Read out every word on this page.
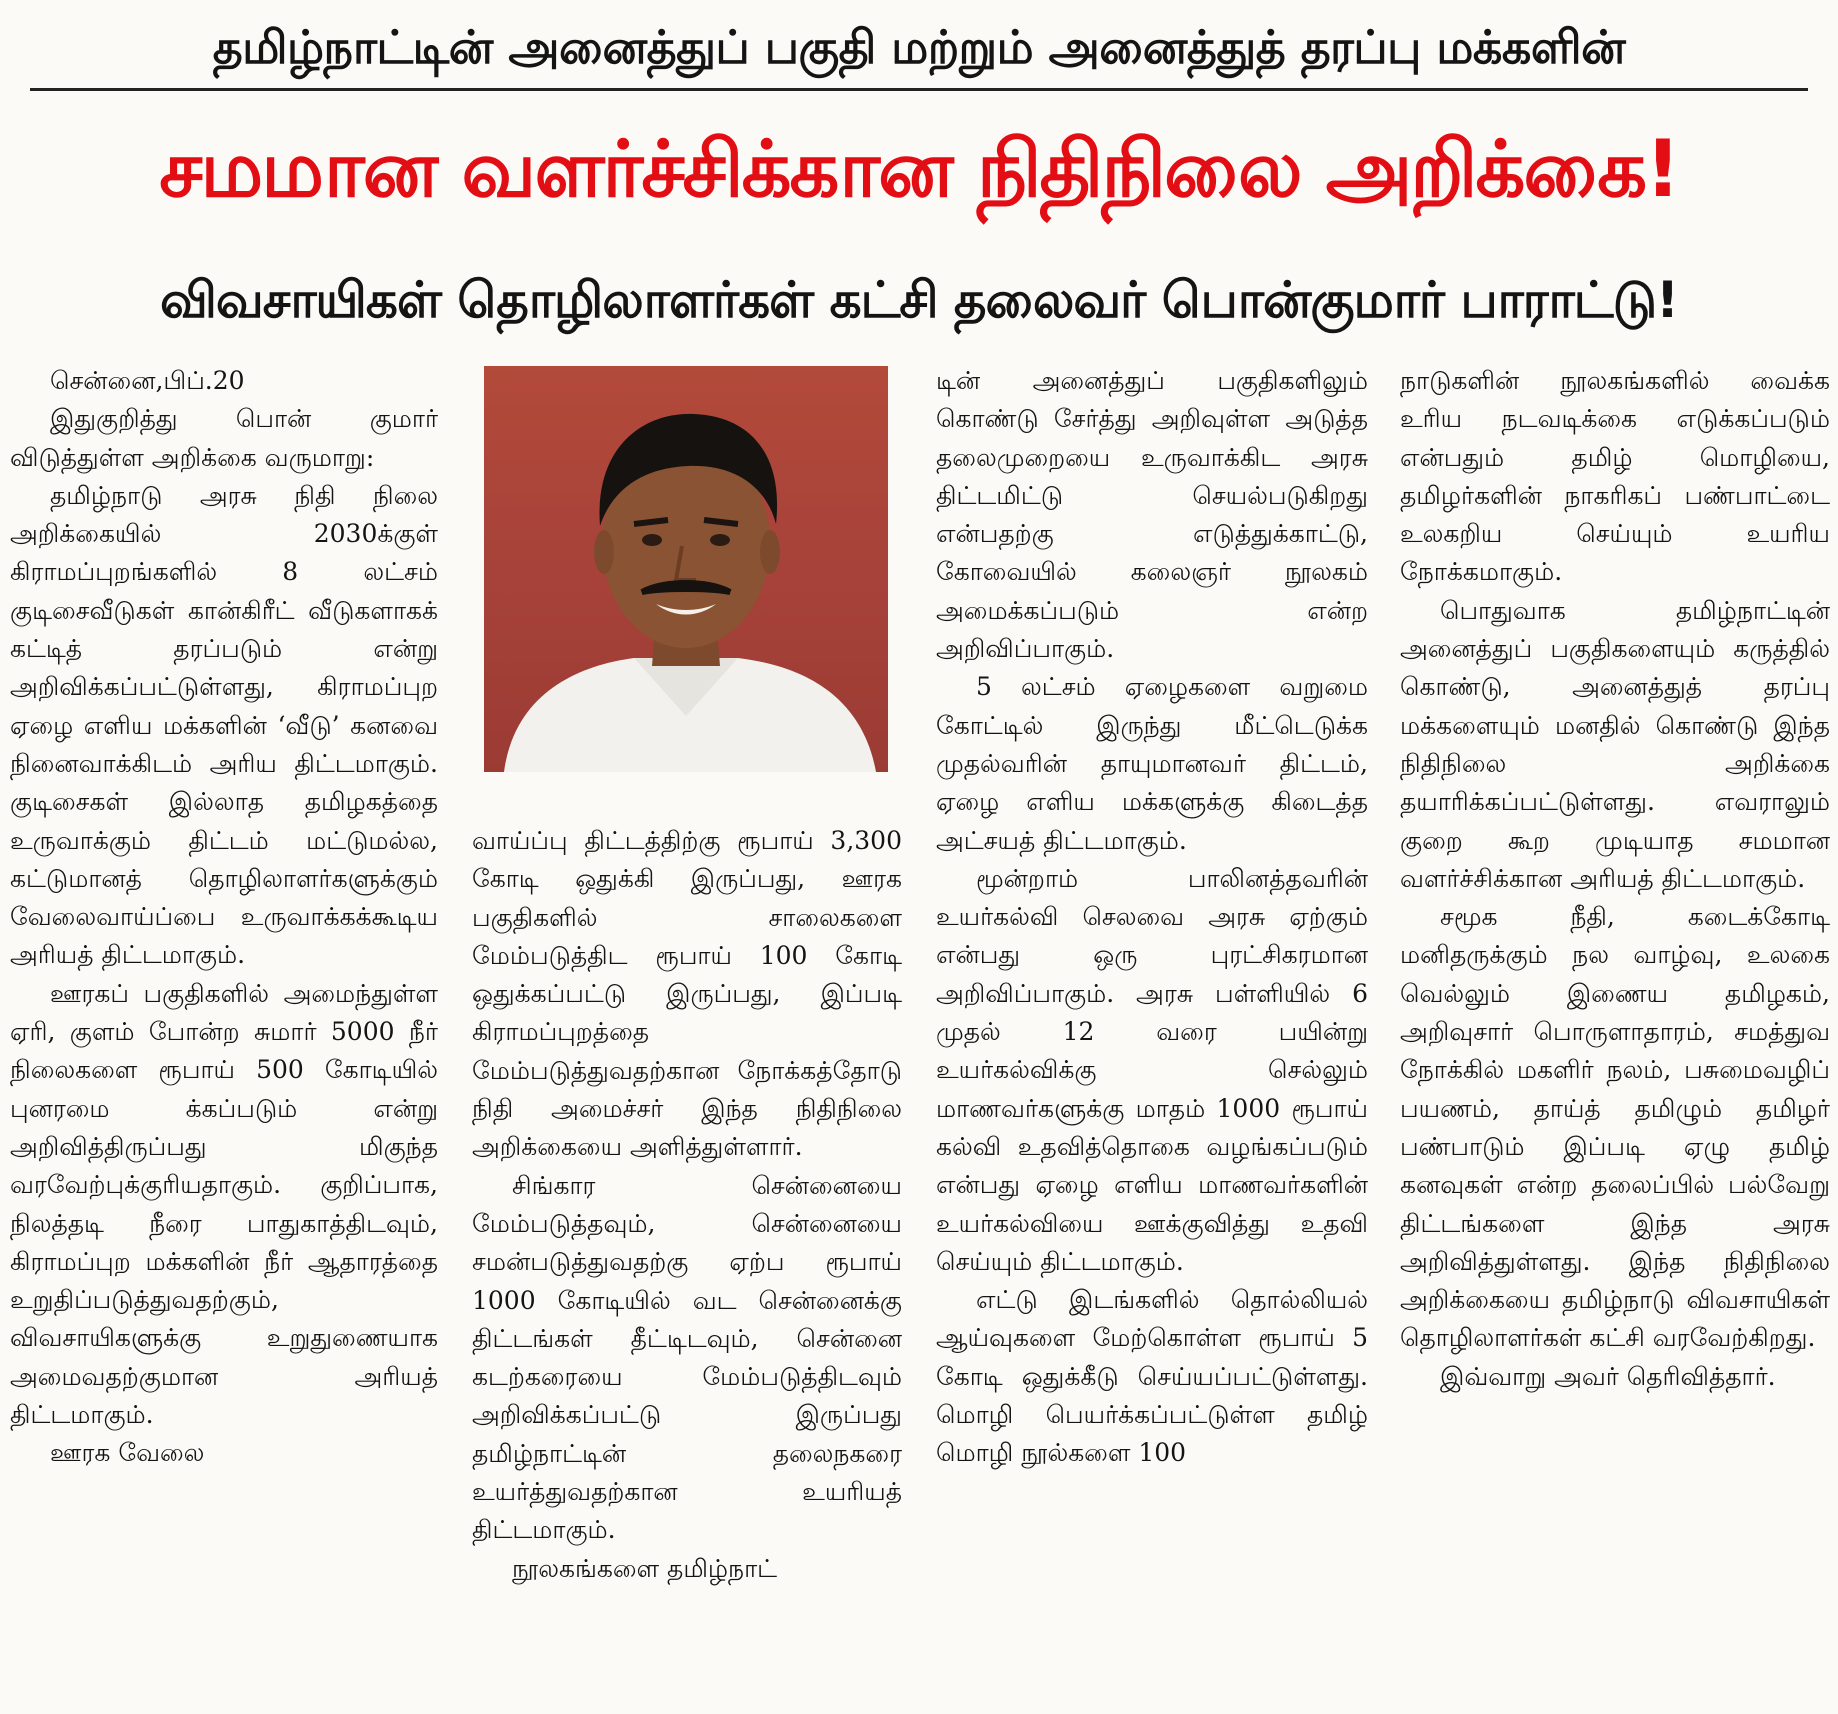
தமிழ்நாட்டின் அனைத்துப் பகுதி மற்றும் அனைத்துத் தரப்பு மக்களின்
சமமான வளர்ச்சிக்கான நிதிநிலை அறிக்கை!
விவசாயிகள் தொழிலாளர்கள் கட்சி தலைவர் பொன்குமார் பாராட்டு!

சென்னை,பிப்.20

இதுகுறித்து பொன் குமார் விடுத்துள்ள அறிக்கை வருமாறு:

தமிழ்நாடு அரசு நிதி நிலை அறிக்கையில் 2030க்குள் கிராமப்புறங்களில் 8 லட்சம் குடிசைவீடுகள் கான்கிரீட் வீடுகளாகக் கட்டித் தரப்படும் என்று அறிவிக்கப்பட்டுள்ளது, கிராமப்புற ஏழை எளிய மக்களின் ‘வீடு’ கனவை நினைவாக்கிடம் அரிய திட்டமாகும். குடிசைகள் இல்லாத தமிழகத்தை உருவாக்கும் திட்டம் மட்டுமல்ல, கட்டுமானத் தொழிலாளர்களுக்கும் வேலைவாய்ப்பை உருவாக்கக்கூடிய அரியத் திட்டமாகும்.

ஊரகப் பகுதிகளில் அமைந்துள்ள ஏரி, குளம் போன்ற சுமார் 5000 நீர் நிலைகளை ரூபாய் 500 கோடியில் புனரமை க்கப்படும் என்று அறிவித்திருப்பது மிகுந்த வரவேற்புக்குரியதாகும். குறிப்பாக, நிலத்தடி நீரை பாதுகாத்திடவும், கிராமப்புற மக்களின் நீர் ஆதாரத்தை உறுதிப்படுத்துவதற்கும், விவசாயிகளுக்கு உறுதுணையாக அமைவதற்குமான அரியத் திட்டமாகும்.

ஊரக வேலை

வாய்ப்பு திட்டத்திற்கு ரூபாய் 3,300 கோடி ஒதுக்கி இருப்பது, ஊரக பகுதிகளில் சாலைகளை மேம்படுத்திட ரூபாய் 100 கோடி ஒதுக்கப்பட்டு இருப்பது, இப்படி கிராமப்புறத்தை மேம்படுத்துவதற்கான நோக்கத்தோடு நிதி அமைச்சர் இந்த நிதிநிலை அறிக்கையை அளித்துள்ளார்.

சிங்கார சென்னையை மேம்படுத்தவும், சென்னையை சமன்படுத்துவதற்கு ஏற்ப ரூபாய் 1000 கோடியில் வட சென்னைக்கு திட்டங்கள் தீட்டிடவும், சென்னை கடற்கரையை மேம்படுத்திடவும் அறிவிக்கப்பட்டு இருப்பது தமிழ்நாட்டின் தலைநகரை உயர்த்துவதற்கான உயரியத் திட்டமாகும்.

நூலகங்களை தமிழ்நாட்

டின் அனைத்துப் பகுதிகளிலும் கொண்டு சேர்த்து அறிவுள்ள அடுத்த தலைமுறையை உருவாக்கிட அரசு திட்டமிட்டு செயல்படுகிறது என்பதற்கு எடுத்துக்காட்டு, கோவையில் கலைஞர் நூலகம் அமைக்கப்படும் என்ற அறிவிப்பாகும்.

5 லட்சம் ஏழைகளை வறுமை கோட்டில் இருந்து மீட்டெடுக்க முதல்வரின் தாயுமானவர் திட்டம், ஏழை எளிய மக்களுக்கு கிடைத்த அட்சயத் திட்டமாகும்.

மூன்றாம் பாலினத்தவரின் உயர்கல்வி செலவை அரசு ஏற்கும் என்பது ஒரு புரட்சிகரமான அறிவிப்பாகும். அரசு பள்ளியில் 6 முதல் 12 வரை பயின்று உயர்கல்விக்கு செல்லும் மாணவர்களுக்கு மாதம் 1000 ரூபாய் கல்வி உதவித்தொகை வழங்கப்படும் என்பது ஏழை எளிய மாணவர்களின் உயர்கல்வியை ஊக்குவித்து உதவி செய்யும் திட்டமாகும்.

எட்டு இடங்களில் தொல்லியல் ஆய்வுகளை மேற்கொள்ள ரூபாய் 5 கோடி ஒதுக்கீடு செய்யப்பட்டுள்ளது. மொழி பெயர்க்கப்பட்டுள்ள தமிழ் மொழி நூல்களை 100

நாடுகளின் நூலகங்களில் வைக்க உரிய நடவடிக்கை எடுக்கப்படும் என்பதும் தமிழ் மொழியை, தமிழர்களின் நாகரிகப் பண்பாட்டை உலகறிய செய்யும் உயரிய நோக்கமாகும்.

பொதுவாக தமிழ்நாட்டின் அனைத்துப் பகுதிகளையும் கருத்தில் கொண்டு, அனைத்துத் தரப்பு மக்களையும் மனதில் கொண்டு இந்த நிதிநிலை அறிக்கை தயாரிக்கப்பட்டுள்ளது. எவராலும் குறை கூற முடியாத சமமான வளர்ச்சிக்கான அரியத் திட்டமாகும்.

சமூக நீதி, கடைக்கோடி மனிதருக்கும் நல வாழ்வு, உலகை வெல்லும் இணைய தமிழகம், அறிவுசார் பொருளாதாரம், சமத்துவ நோக்கில் மகளிர் நலம், பசுமைவழிப் பயணம், தாய்த் தமிழும் தமிழர் பண்பாடும் இப்படி ஏழு தமிழ் கனவுகள் என்ற தலைப்பில் பல்வேறு திட்டங்களை இந்த அரசு அறிவித்துள்ளது. இந்த நிதிநிலை அறிக்கையை தமிழ்நாடு விவசாயிகள் தொழிலாளர்கள் கட்சி வரவேற்கிறது.

இவ்வாறு அவர் தெரிவித்தார்.
